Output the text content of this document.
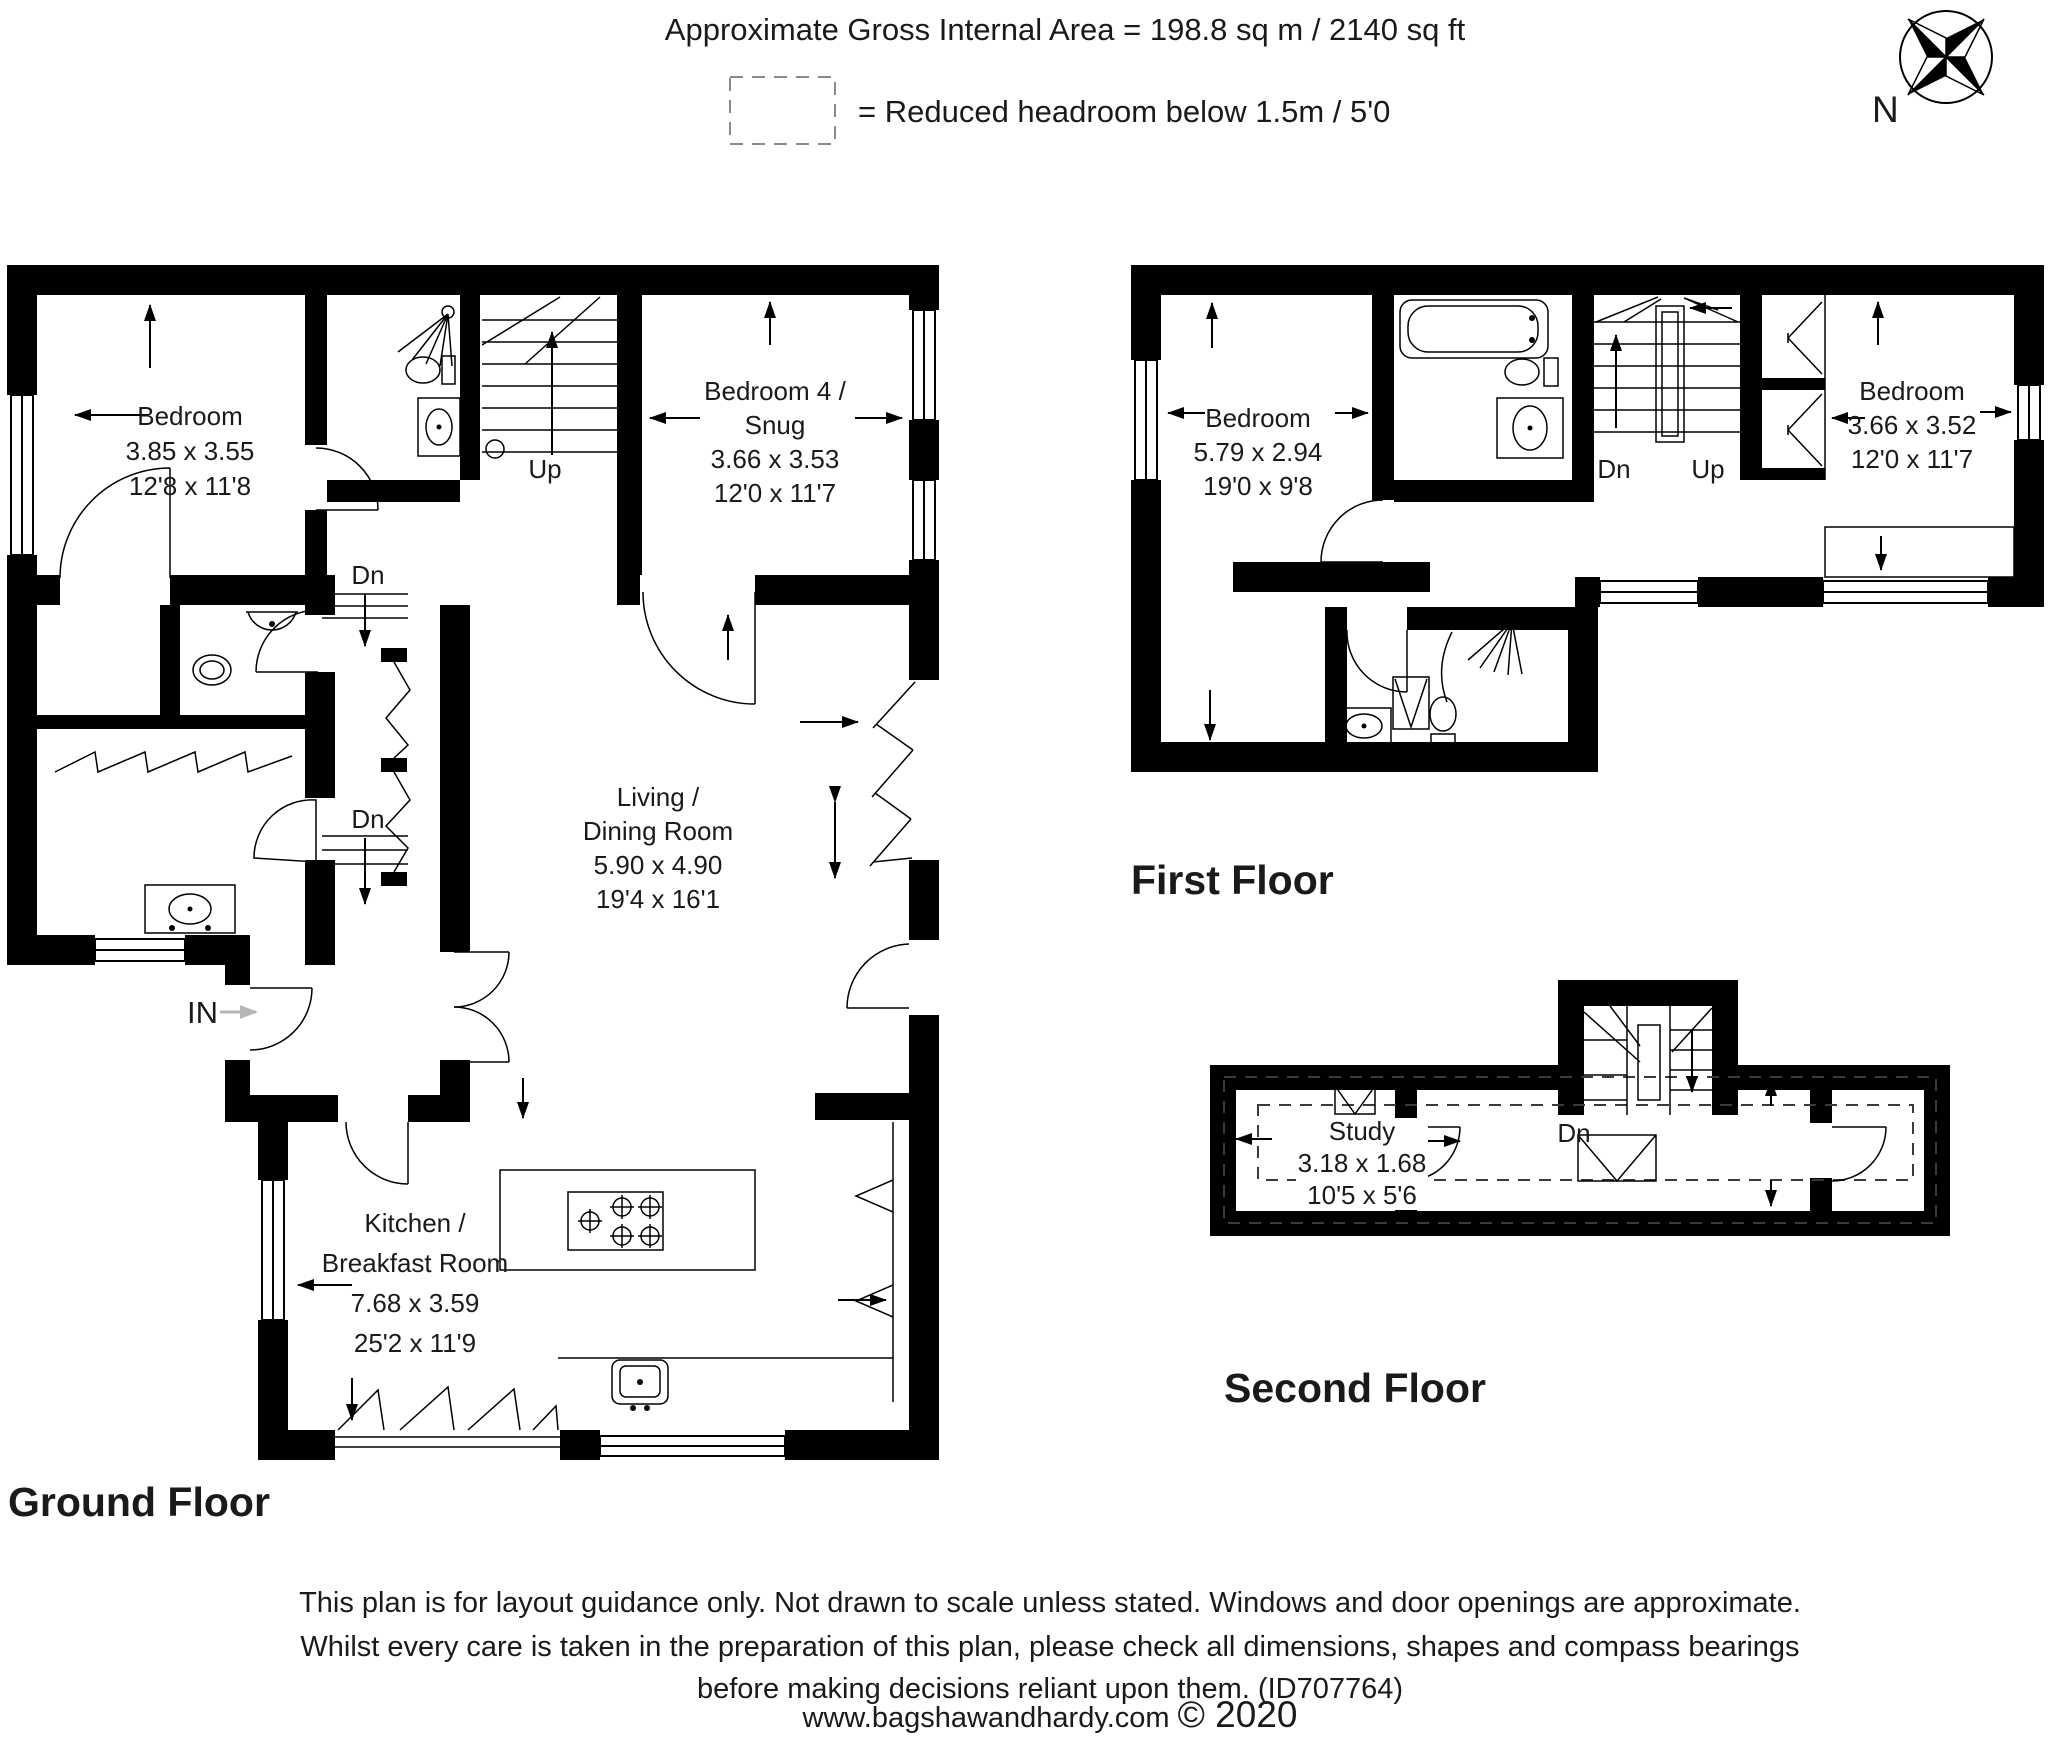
Approximate Gross Internal Area = 198.8 sq m / 2140 sq ft
= Reduced headroom below 1.5m / 5'0	N
Bedroom
3.85 x 3.55
12'8 x 11'8
Bedroom 4 /
Snug
3.66 x 3.53
12'0 x 11'7
Living /
Dining Room
5.90 x 4.90
19'4 x 16'1
Kitchen /
Breakfast Room
7.68 x 3.59
25'2 x 11'9
Up
Dn
Dn
IN
Ground Floor
Bedroom
5.79 x 2.94
19'0 x 9'8
Bedroom
3.66 x 3.52
12'0 x 11'7
Dn Up
First Floor
Study
3.18 x 1.68
10'5 x 5'6
Dn
Second Floor
This plan is for layout guidance only. Not drawn to scale unless stated. Windows and door openings are approximate.
Whilst every care is taken in the preparation of this plan, please check all dimensions, shapes and compass bearings
before making decisions reliant upon them. (ID707764)
www.bagshawandhardy.com © 2020
